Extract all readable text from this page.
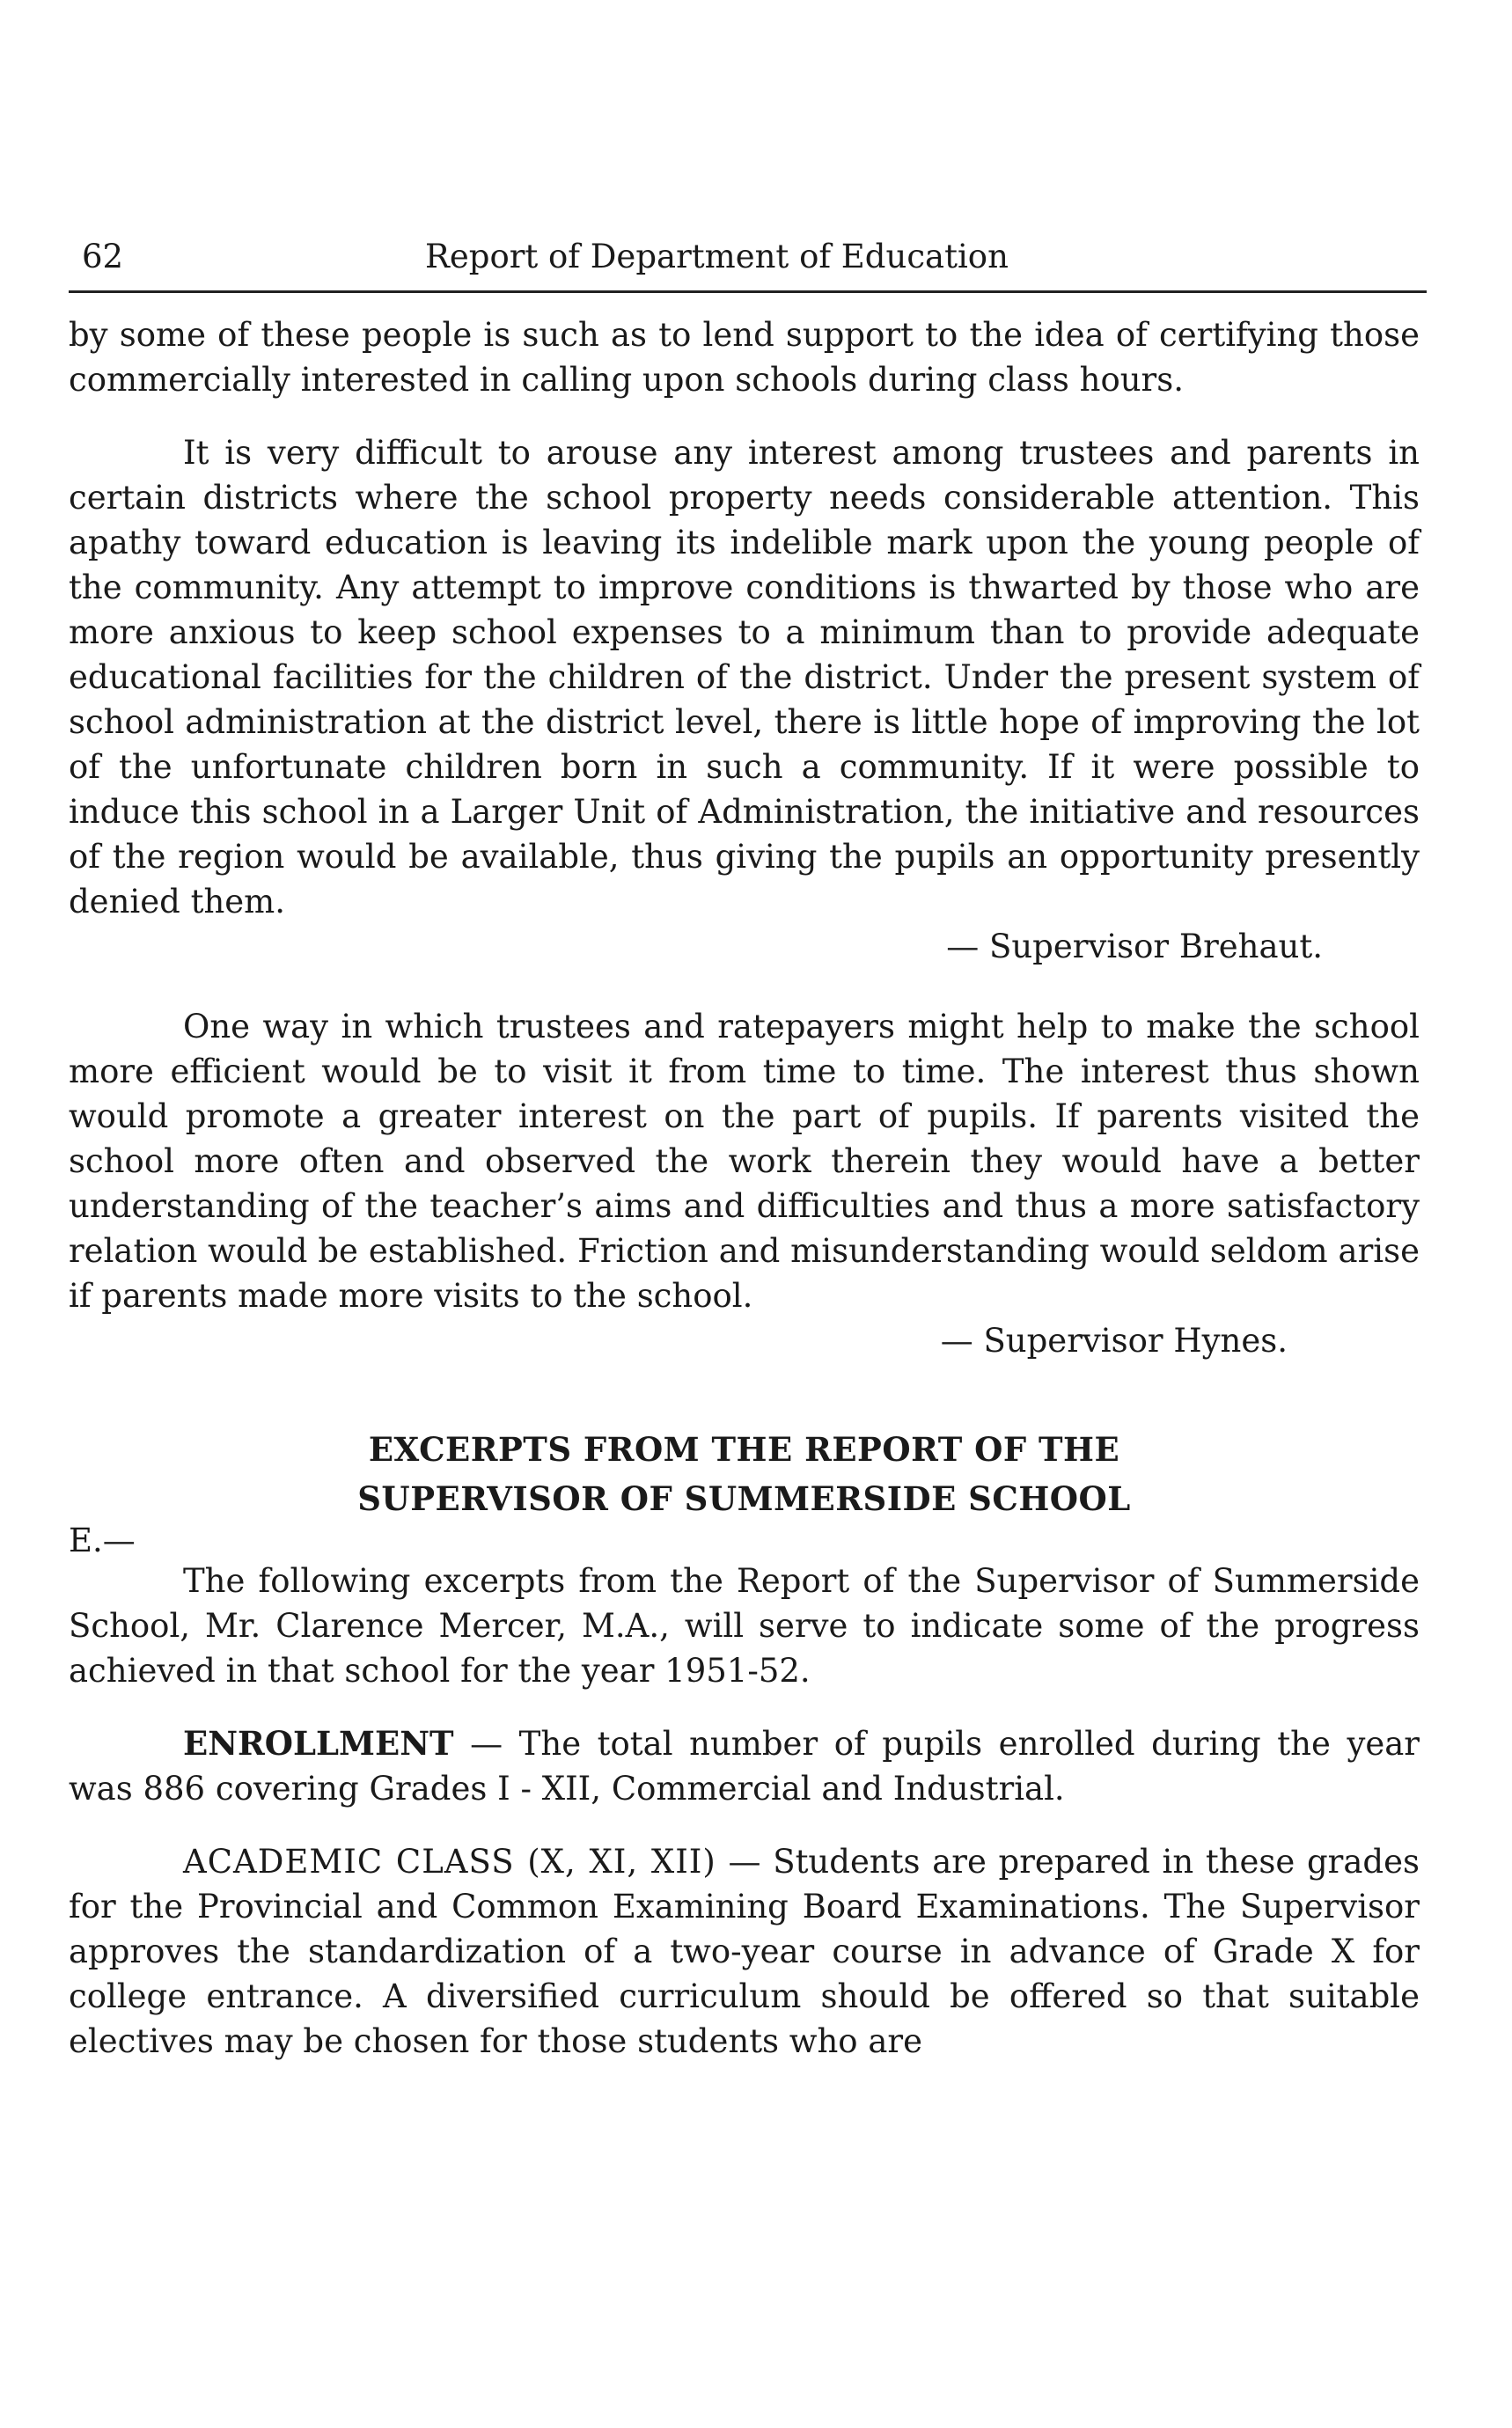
62	Report of Department of Education

by some of these people is such as to lend support to the idea of certifying those commercially interested in calling upon schools during class hours.

It is very difficult to arouse any interest among trustees and parents in certain districts where the school property needs considerable attention. This apathy toward education is leaving its indelible mark upon the young people of the community. Any attempt to improve conditions is thwarted by those who are more anxious to keep school expenses to a minimum than to provide adequate educational facilities for the children of the district. Under the present system of school administration at the district level, there is little hope of improving the lot of the unfortunate children born in such a community. If it were possible to induce this school in a Larger Unit of Administration, the initiative and resources of the region would be available, thus giving the pupils an opportunity presently denied them.

— Supervisor Brehaut.

One way in which trustees and ratepayers might help to make the school more efficient would be to visit it from time to time. The interest thus shown would promote a greater interest on the part of pupils. If parents visited the school more often and observed the work therein they would have a better understanding of the teacher’s aims and difficulties and thus a more satisfactory relation would be established. Friction and misunderstanding would seldom arise if parents made more visits to the school.

— Supervisor Hynes.

EXCERPTS FROM THE REPORT OF THE

SUPERVISOR OF SUMMERSIDE SCHOOL

E.—

The following excerpts from the Report of the Supervisor of Summerside School, Mr. Clarence Mercer, M.A., will serve to indicate some of the progress achieved in that school for the year 1951-52.

ENROLLMENT — The total number of pupils enrolled during the year was 886 covering Grades I - XII, Commercial and Industrial.

ACADEMIC CLASS (X, XI, XII) — Students are prepared in these grades for the Provincial and Common Examining Board Examinations. The Supervisor approves the standardization of a two-year course in advance of Grade X for college entrance. A diversified curriculum should be offered so that suitable electives may be chosen for those students who are
